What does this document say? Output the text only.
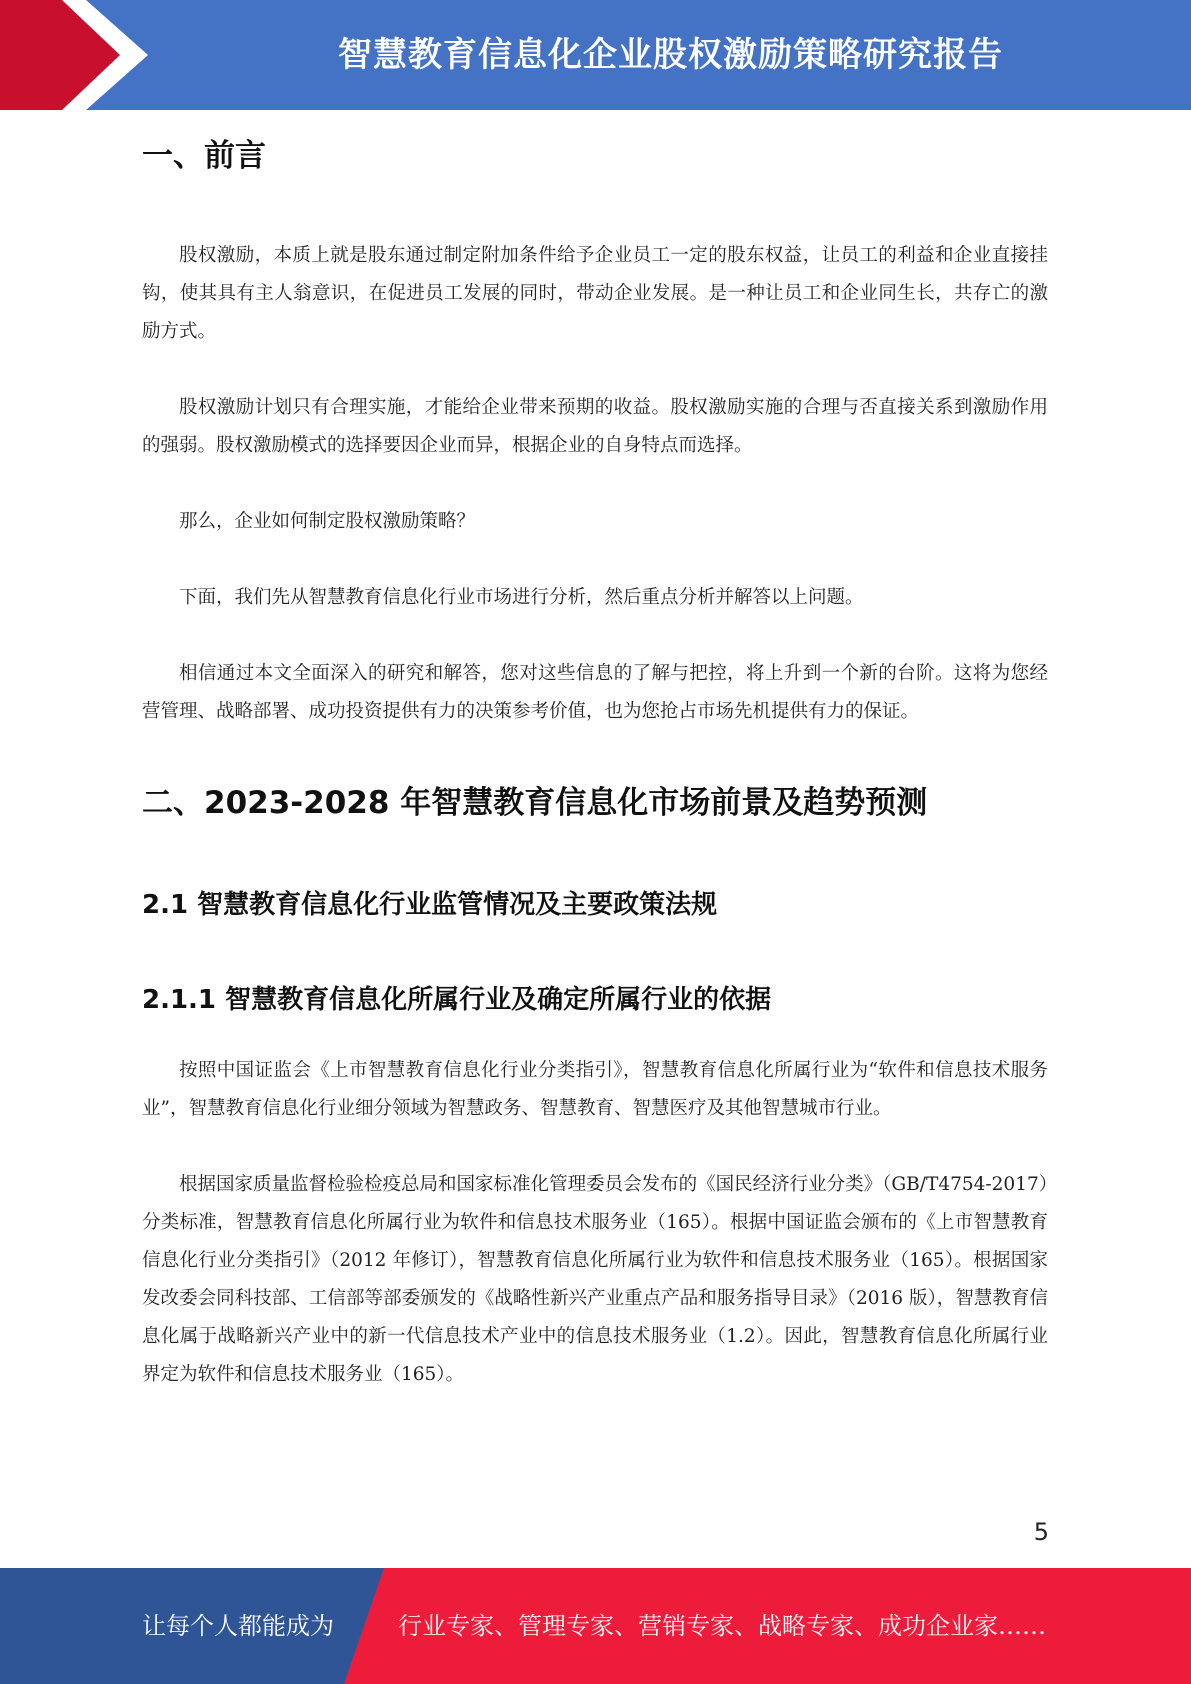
智慧教育信息化企业股权激励策略研究报告
一、前言

股权激励，本质上就是股东通过制定附加条件给予企业员工一定的股东权益，让员工的利益和企业直接挂钩，使其具有主人翁意识，在促进员工发展的同时，带动企业发展。是一种让员工和企业同生长，共存亡的激励方式。

股权激励计划只有合理实施，才能给企业带来预期的收益。股权激励实施的合理与否直接关系到激励作用的强弱。股权激励模式的选择要因企业而异，根据企业的自身特点而选择。

那么，企业如何制定股权激励策略？

下面，我们先从智慧教育信息化行业市场进行分析，然后重点分析并解答以上问题。

相信通过本文全面深入的研究和解答，您对这些信息的了解与把控，将上升到一个新的台阶。这将为您经营管理、战略部署、成功投资提供有力的决策参考价值，也为您抢占市场先机提供有力的保证。

二、2023-2028 年智慧教育信息化市场前景及趋势预测
2.1 智慧教育信息化行业监管情况及主要政策法规
2.1.1 智慧教育信息化所属行业及确定所属行业的依据

按照中国证监会《上市智慧教育信息化行业分类指引》，智慧教育信息化所属行业为“软件和信息技术服务业”，智慧教育信息化行业细分领域为智慧政务、智慧教育、智慧医疗及其他智慧城市行业。

根据国家质量监督检验检疫总局和国家标准化管理委员会发布的《国民经济行业分类》（GB/T4754-2017）分类标准，智慧教育信息化所属行业为软件和信息技术服务业（165）。根据中国证监会颁布的《上市智慧教育信息化行业分类指引》（2012 年修订），智慧教育信息化所属行业为软件和信息技术服务业（165）。根据国家发改委会同科技部、工信部等部委颁发的《战略性新兴产业重点产品和服务指导目录》（2016 版），智慧教育信息化属于战略新兴产业中的新一代信息技术产业中的信息技术服务业（1.2）。因此，智慧教育信息化所属行业界定为软件和信息技术服务业（165）。

5
让每个人都能成为	行业专家、管理专家、营销专家、战略专家、成功企业家……
